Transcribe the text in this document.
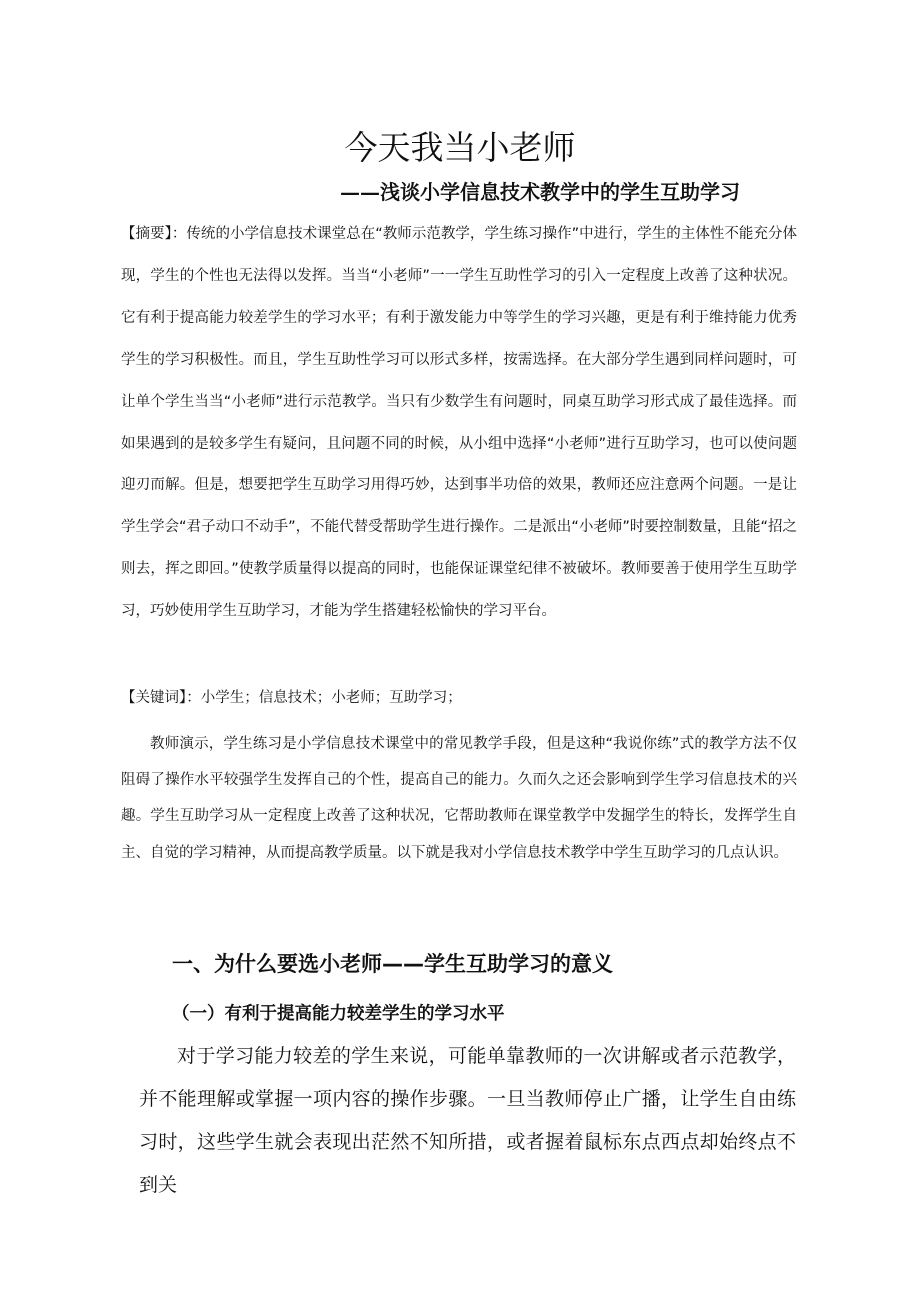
今天我当小老师
——浅谈小学信息技术教学中的学生互助学习

【摘要】：传统的小学信息技术课堂总在“教师示范教学，学生练习操作”中进行，学生的主体性不能充分体现，学生的个性也无法得以发挥。当当“小老师”一一学生互助性学习的引入一定程度上改善了这种状况。它有利于提高能力较差学生的学习水平；有利于激发能力中等学生的学习兴趣，更是有利于维持能力优秀学生的学习积极性。而且，学生互助性学习可以形式多样，按需选择。在大部分学生遇到同样问题时，可让单个学生当当“小老师”进行示范教学。当只有少数学生有问题时，同桌互助学习形式成了最佳选择。而如果遇到的是较多学生有疑问，且问题不同的时候，从小组中选择“小老师”进行互助学习，也可以使问题迎刃而解。但是，想要把学生互助学习用得巧妙，达到事半功倍的效果，教师还应注意两个问题。一是让学生学会“君子动口不动手”，不能代替受帮助学生进行操作。二是派出“小老师”时要控制数量，且能“招之则去，挥之即回。”使教学质量得以提高的同时，也能保证课堂纪律不被破坏。教师要善于使用学生互助学习，巧妙使用学生互助学习，才能为学生搭建轻松愉快的学习平台。

【关键词】：小学生；信息技术；小老师；互助学习；

教师演示，学生练习是小学信息技术课堂中的常见教学手段，但是这种“我说你练”式的教学方法不仅阻碍了操作水平较强学生发挥自己的个性，提高自己的能力。久而久之还会影响到学生学习信息技术的兴趣。学生互助学习从一定程度上改善了这种状况，它帮助教师在课堂教学中发掘学生的特长，发挥学生自主、自觉的学习精神，从而提高教学质量。以下就是我对小学信息技术教学中学生互助学习的几点认识。

一、为什么要选小老师——学生互助学习的意义
（一）有利于提高能力较差学生的学习水平

对于学习能力较差的学生来说，可能单靠教师的一次讲解或者示范教学，并不能理解或掌握一项内容的操作步骤。一旦当教师停止广播，让学生自由练习时，这些学生就会表现出茫然不知所措，或者握着鼠标东点西点却始终点不到关
